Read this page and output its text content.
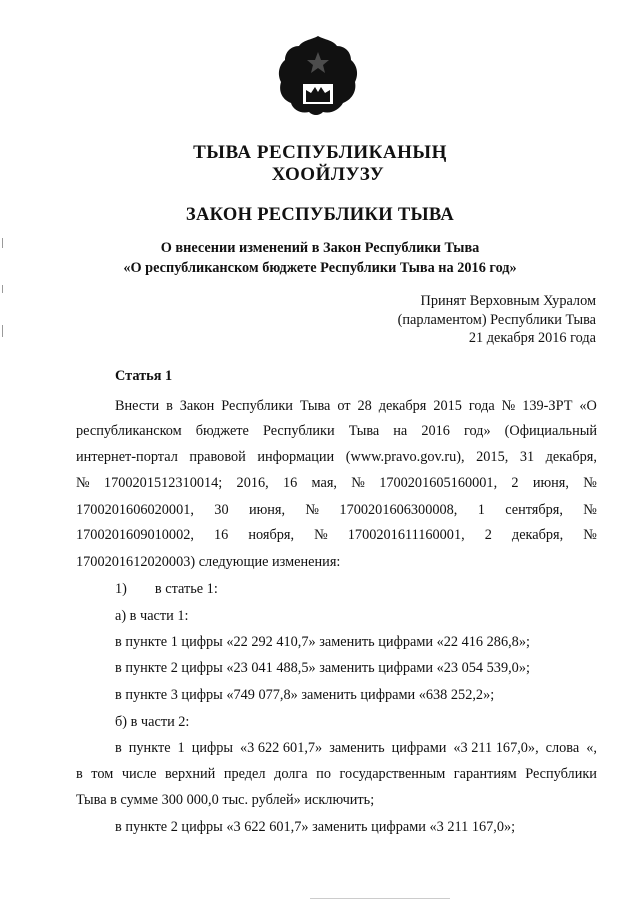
ТЫВА РЕСПУБЛИКАНЫҢ
ХООЙЛУЗУ
ЗАКОН РЕСПУБЛИКИ ТЫВА
О внесении изменений в Закон Республики Тыва
«О республиканском бюджете Республики Тыва на 2016 год»
Принят Верховным Хуралом
(парламентом) Республики Тыва
21 декабря 2016 года
Статья 1
Внести в Закон Республики Тыва от 28 декабря 2015 года № 139-ЗРТ «О
республиканском бюджете Республики Тыва на 2016 год» (Официальный
интернет-портал правовой информации (www.pravo.gov.ru), 2015, 31 декабря,
№ 1700201512310014; 2016, 16 мая, № 1700201605160001, 2 июня, №
1700201606020001, 30 июня, № 1700201606300008, 1 сентября, №
1700201609010002, 16 ноября, № 1700201611160001, 2 декабря, №
1700201612020003) следующие изменения:
1) в статье 1:
а) в части 1:
в пункте 1 цифры «22 292 410,7» заменить цифрами «22 416 286,8»;
в пункте 2 цифры «23 041 488,5» заменить цифрами «23 054 539,0»;
в пункте 3 цифры «749 077,8» заменить цифрами «638 252,2»;
б) в части 2:
в пункте 1 цифры «3 622 601,7» заменить цифрами «3 211 167,0», слова «,
в том числе верхний предел долга по государственным гарантиям Республики
Тыва в сумме 300 000,0 тыс. рублей» исключить;
в пункте 2 цифры «3 622 601,7» заменить цифрами «3 211 167,0»;
